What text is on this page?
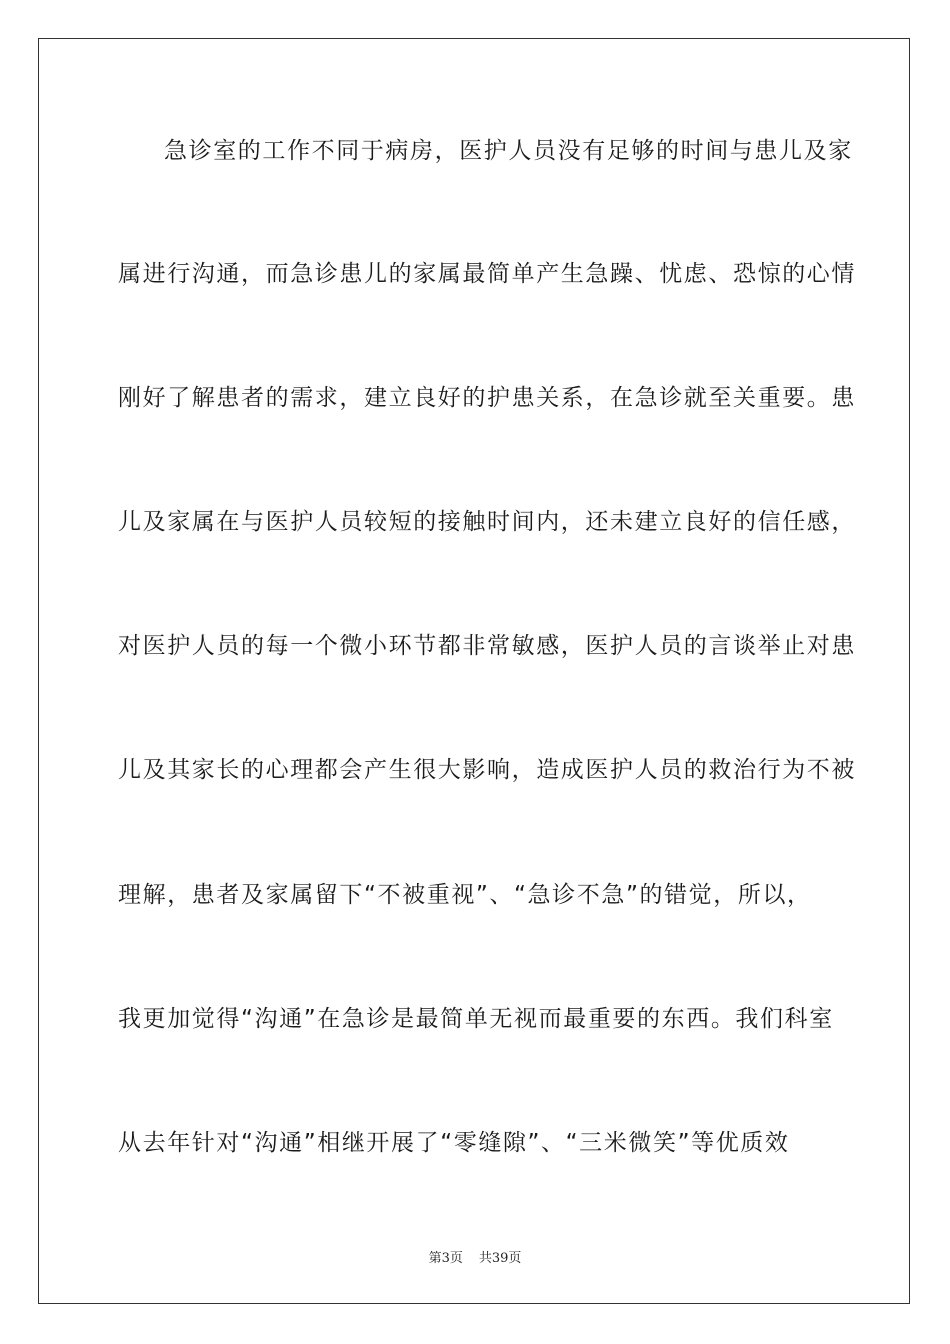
急诊室的工作不同于病房，医护人员没有足够的时间与患儿及家
属进行沟通，而急诊患儿的家属最简单产生急躁、忧虑、恐惊的心情
刚好了解患者的需求，建立良好的护患关系，在急诊就至关重要。患
儿及家属在与医护人员较短的接触时间内，还未建立良好的信任感，
对医护人员的每一个微小环节都非常敏感，医护人员的言谈举止对患
儿及其家长的心理都会产生很大影响，造成医护人员的救治行为不被
理解，患者及家属留下“不被重视”、“急诊不急”的错觉，所以，
我更加觉得“沟通”在急诊是最简单无视而最重要的东西。我们科室
从去年针对“沟通”相继开展了“零缝隙”、“三米微笑”等优质效
第3页 共39页
